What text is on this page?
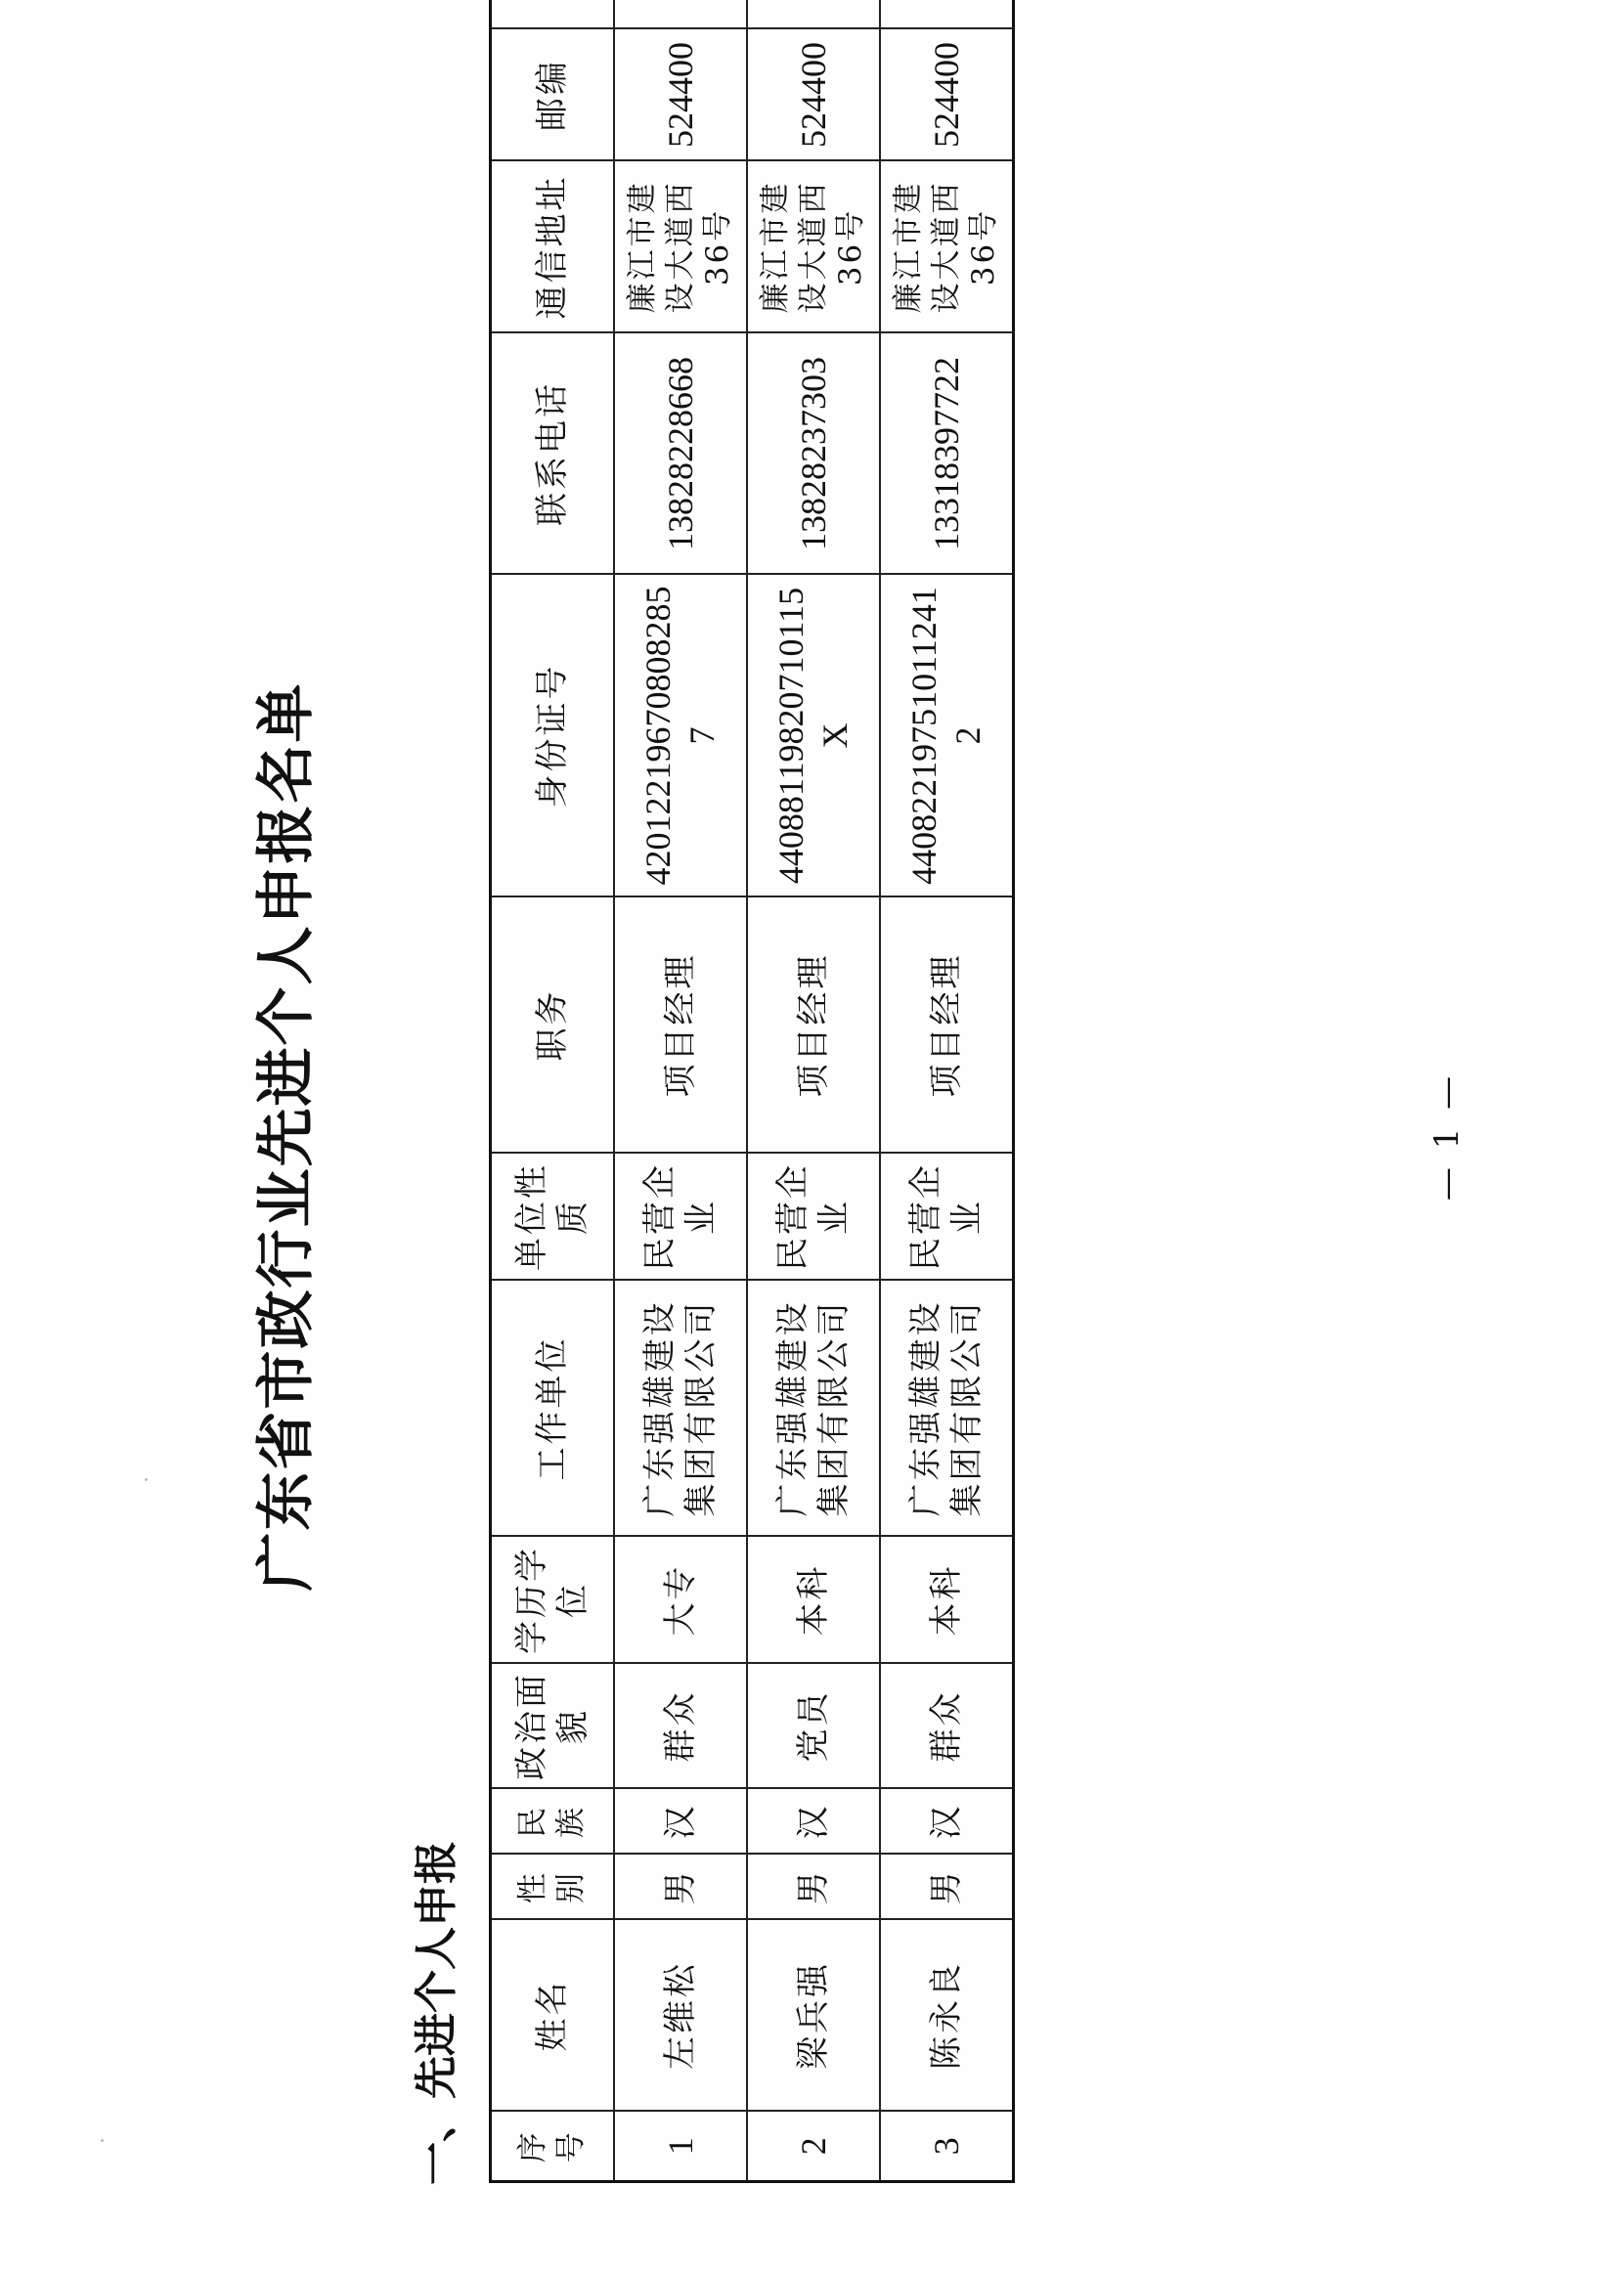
广东省市政行业先进个人申报名单
一、先进个人申报 序号	姓名	性别	民族	政治面貌	学历学位	工作单位	单位性质	职务	身份证号	联系电话	通信地址	邮编	
1	左维松	男	汉	群众	大专	广东强雄建设集团有限公司	民营企业	项目经理	420122196708082857	13828228668	廉江市建设大道西36号	524400	
2	梁兵强	男	汉	党员	本科	广东强雄建设集团有限公司	民营企业	项目经理	44088119820710115X	13828237303	廉江市建设大道西36号	524400	
3	陈永良	男	汉	群众	本科	广东强雄建设集团有限公司	民营企业	项目经理	440822197510112412	13318397722	廉江市建设大道西36号	524400	
— 1 —
